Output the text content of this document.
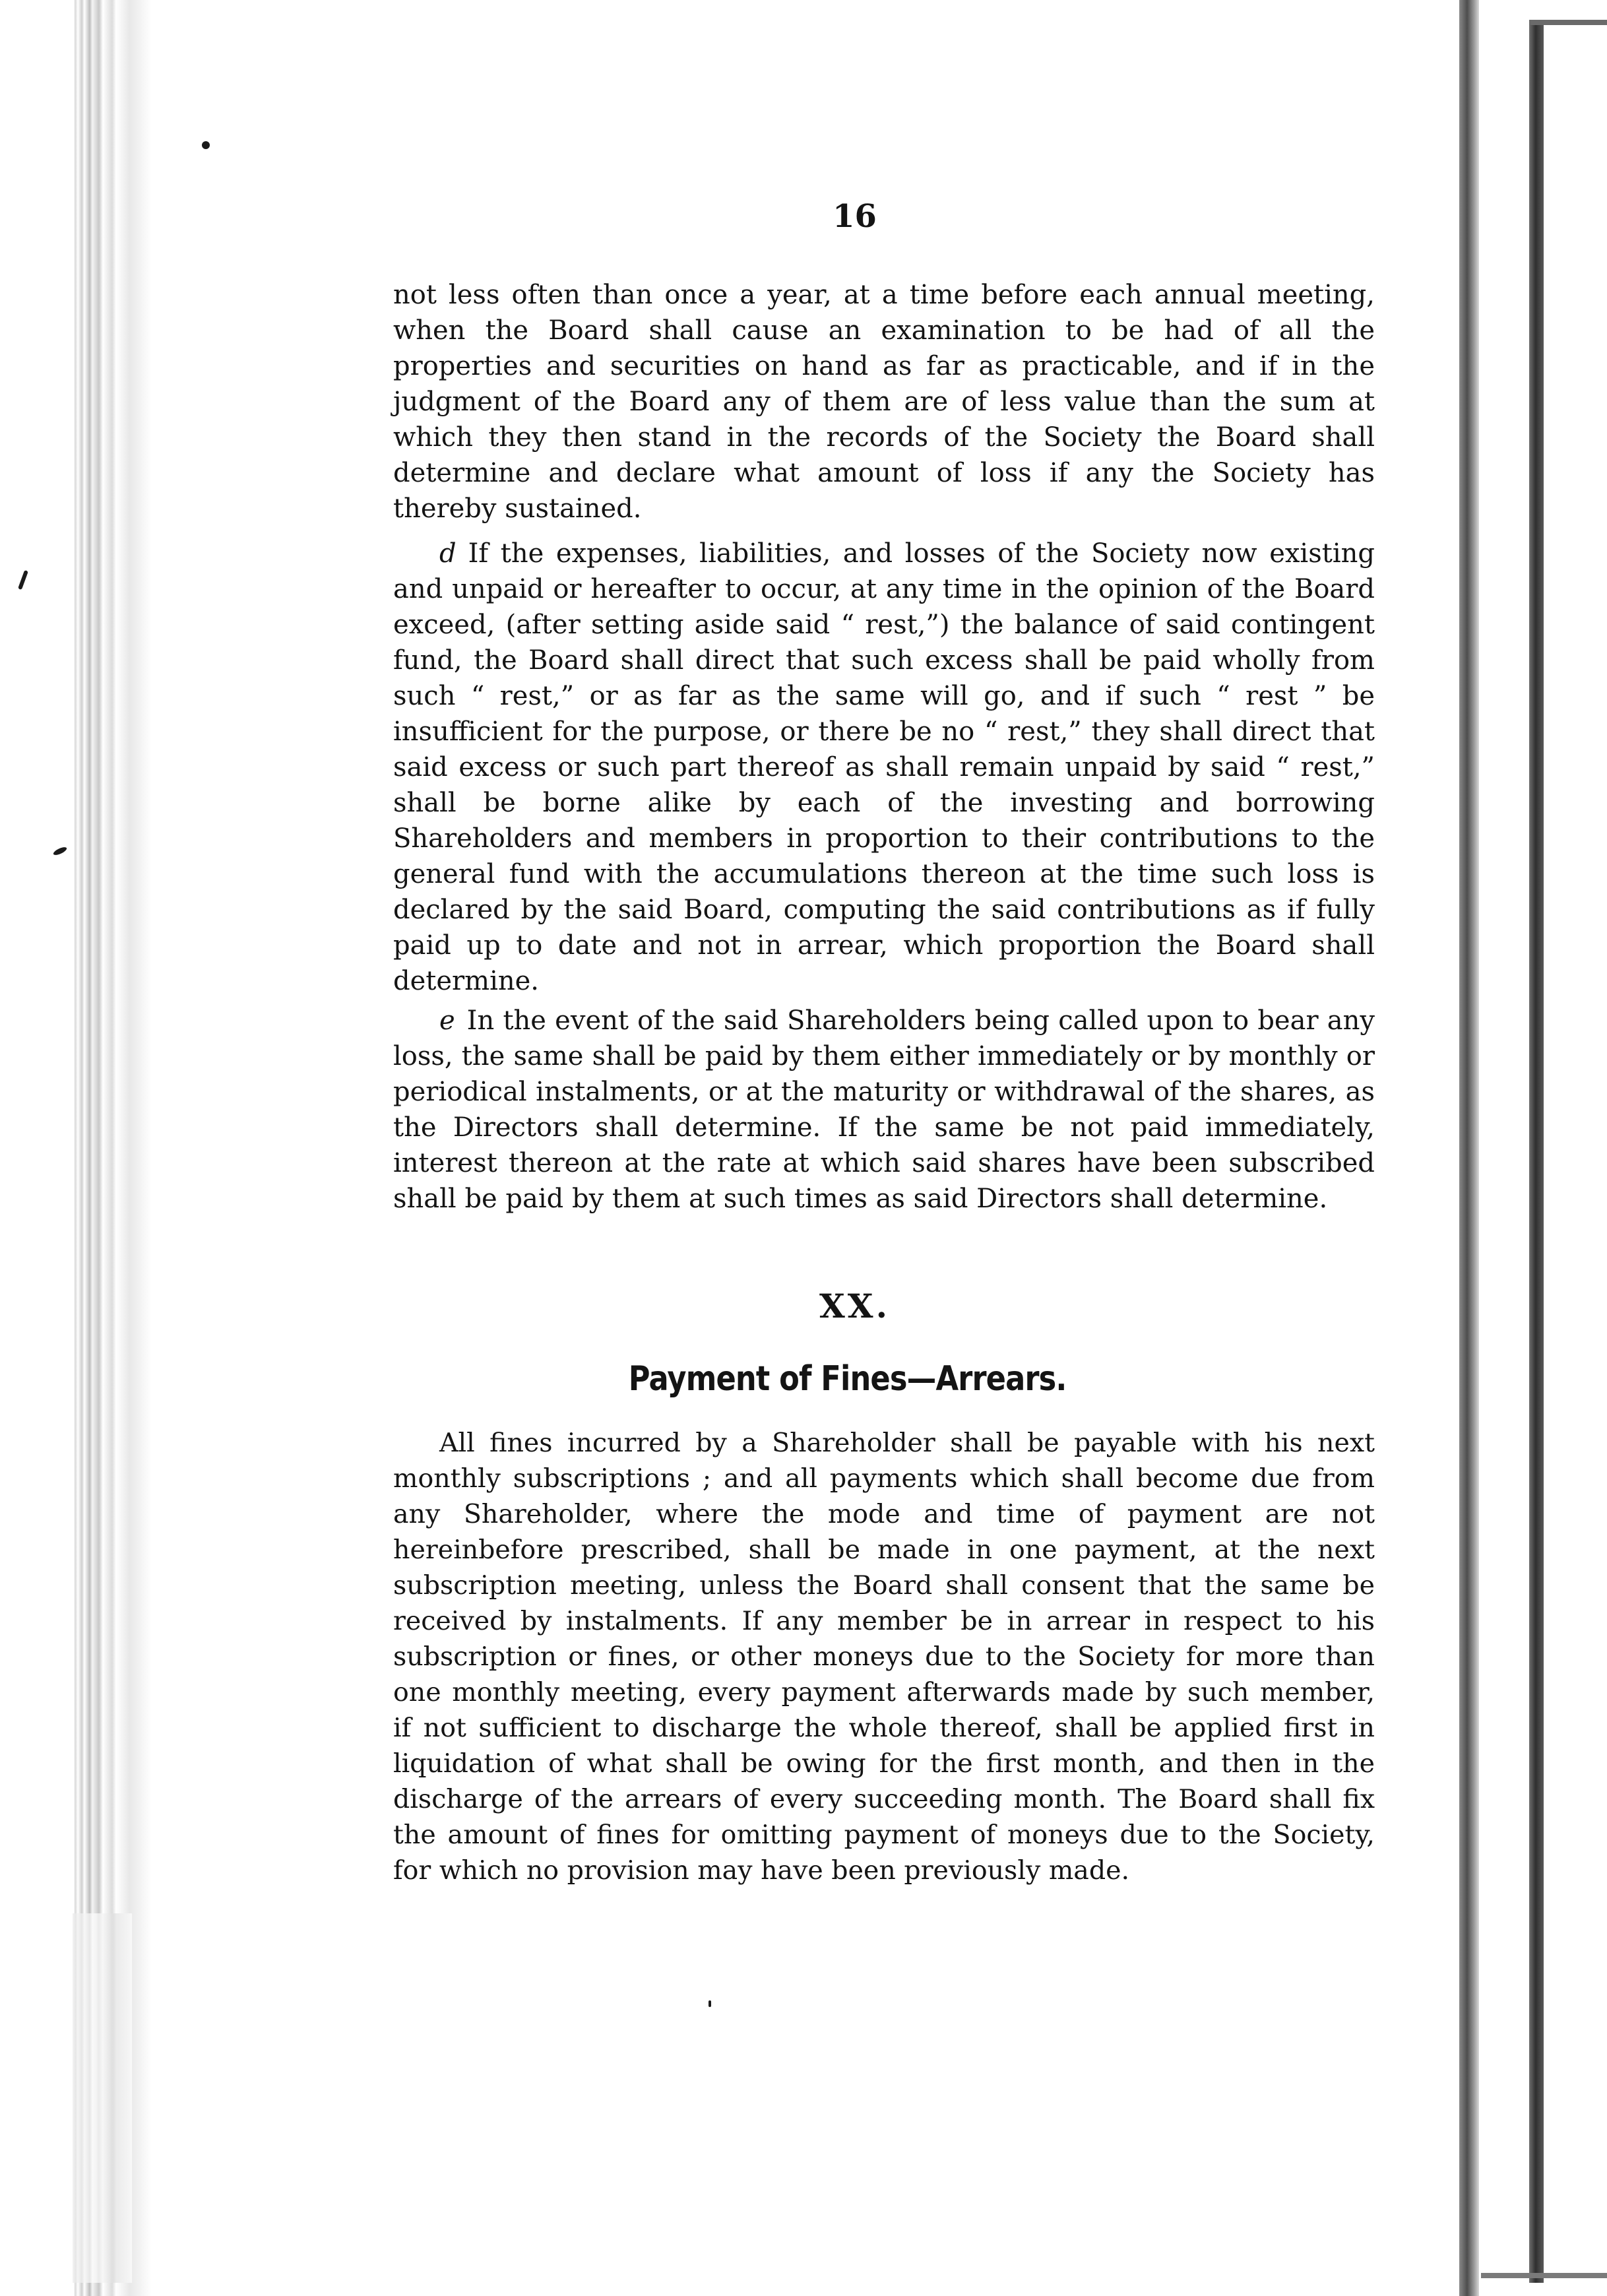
16
not less often than once a year, at a time before each annual meeting, when the Board shall cause an examination to be had of all the properties and securities on hand as far as practicable, and if in the judgment of the Board any of them are of less value than the sum at which they then stand in the records of the Society the Board shall determine and declare what amount of loss if any the Society has thereby sustained.
d If the expenses, liabilities, and losses of the Society now existing and unpaid or hereafter to occur, at any time in the opinion of the Board exceed, (after setting aside said “ rest,”) the balance of said contingent fund, the Board shall direct that such excess shall be paid wholly from such “ rest,” or as far as the same will go, and if such “ rest ” be insufficient for the purpose, or there be no “ rest,” they shall direct that said excess or such part thereof as shall remain unpaid by said “ rest,” shall be borne alike by each of the investing and borrowing Shareholders and members in proportion to their contributions to the general fund with the accumulations thereon at the time such loss is declared by the said Board, computing the said contributions as if fully paid up to date and not in arrear, which proportion the Board shall determine.
e In the event of the said Shareholders being called upon to bear any loss, the same shall be paid by them either immediately or by monthly or periodical instalments, or at the maturity or withdrawal of the shares, as the Directors shall determine. If the same be not paid immediately, interest thereon at the rate at which said shares have been subscribed shall be paid by them at such times as said Directors shall determine.
XX.
Payment of Fines—Arrears.
All fines incurred by a Shareholder shall be payable with his next monthly subscriptions ; and all payments which shall become due from any Shareholder, where the mode and time of payment are not hereinbefore prescribed, shall be made in one payment, at the next subscription meeting, unless the Board shall consent that the same be received by instalments. If any member be in arrear in respect to his subscription or fines, or other moneys due to the Society for more than one monthly meeting, every payment afterwards made by such member, if not sufficient to discharge the whole thereof, shall be applied first in liquidation of what shall be owing for the first month, and then in the discharge of the arrears of every succeeding month. The Board shall fix the amount of fines for omitting payment of moneys due to the Society, for which no provision may have been previously made.
